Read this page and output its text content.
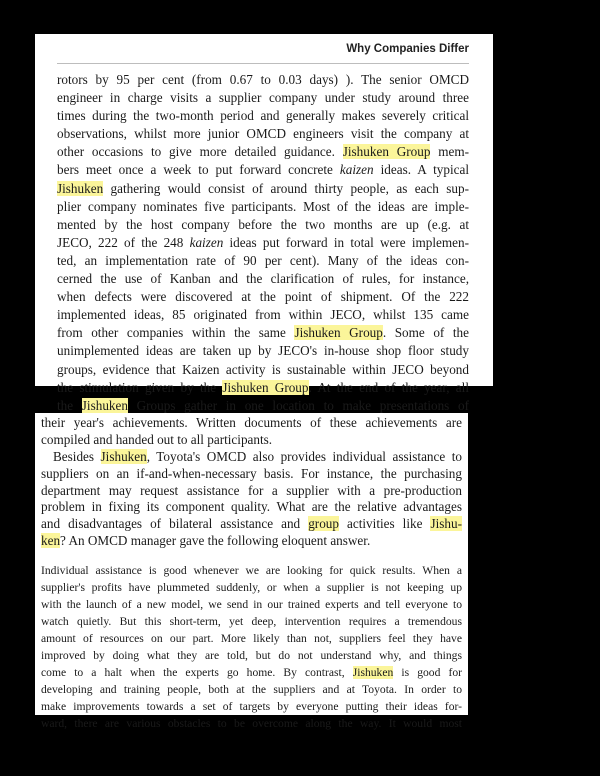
Why Companies Differ
rotors by 95 per cent (from 0.67 to 0.03 days) ). The senior OMCD
engineer in charge visits a supplier company under study around three
times during the two-month period and generally makes severely critical
observations, whilst more junior OMCD engineers visit the company at
other occasions to give more detailed guidance. Jishuken Group mem-
bers meet once a week to put forward concrete kaizen ideas. A typical
Jishuken gathering would consist of around thirty people, as each sup-
plier company nominates five participants. Most of the ideas are imple-
mented by the host company before the two months are up (e.g. at
JECO, 222 of the 248 kaizen ideas put forward in total were implemen-
ted, an implementation rate of 90 per cent). Many of the ideas con-
cerned the use of Kanban and the clarification of rules, for instance,
when defects were discovered at the point of shipment. Of the 222
implemented ideas, 85 originated from within JECO, whilst 135 came
from other companies within the same Jishuken Group. Some of the
unimplemented ideas are taken up by JECO's in-house shop floor study
groups, evidence that Kaizen activity is sustainable within JECO beyond
the stimulation given by the Jishuken Group. At the end of the year, all
the Jishuken Groups gather in one location to make presentations of
their year's achievements. Written documents of these achievements are
compiled and handed out to all participants.
Besides Jishuken, Toyota's OMCD also provides individual assistance to
suppliers on an if-and-when-necessary basis. For instance, the purchasing
department may request assistance for a supplier with a pre-production
problem in fixing its component quality. What are the relative advantages
and disadvantages of bilateral assistance and group activities like Jishu-
ken? An OMCD manager gave the following eloquent answer.
Individual assistance is good whenever we are looking for quick results. When a
supplier's profits have plummeted suddenly, or when a supplier is not keeping up
with the launch of a new model, we send in our trained experts and tell everyone to
watch quietly. But this short-term, yet deep, intervention requires a tremendous
amount of resources on our part. More likely than not, suppliers feel they have
improved by doing what they are told, but do not understand why, and things
come to a halt when the experts go home. By contrast, Jishuken is good for
developing and training people, both at the suppliers and at Toyota. In order to
make improvements towards a set of targets by everyone putting their ideas for-
ward, there are various obstacles to be overcome along the way. It would most
